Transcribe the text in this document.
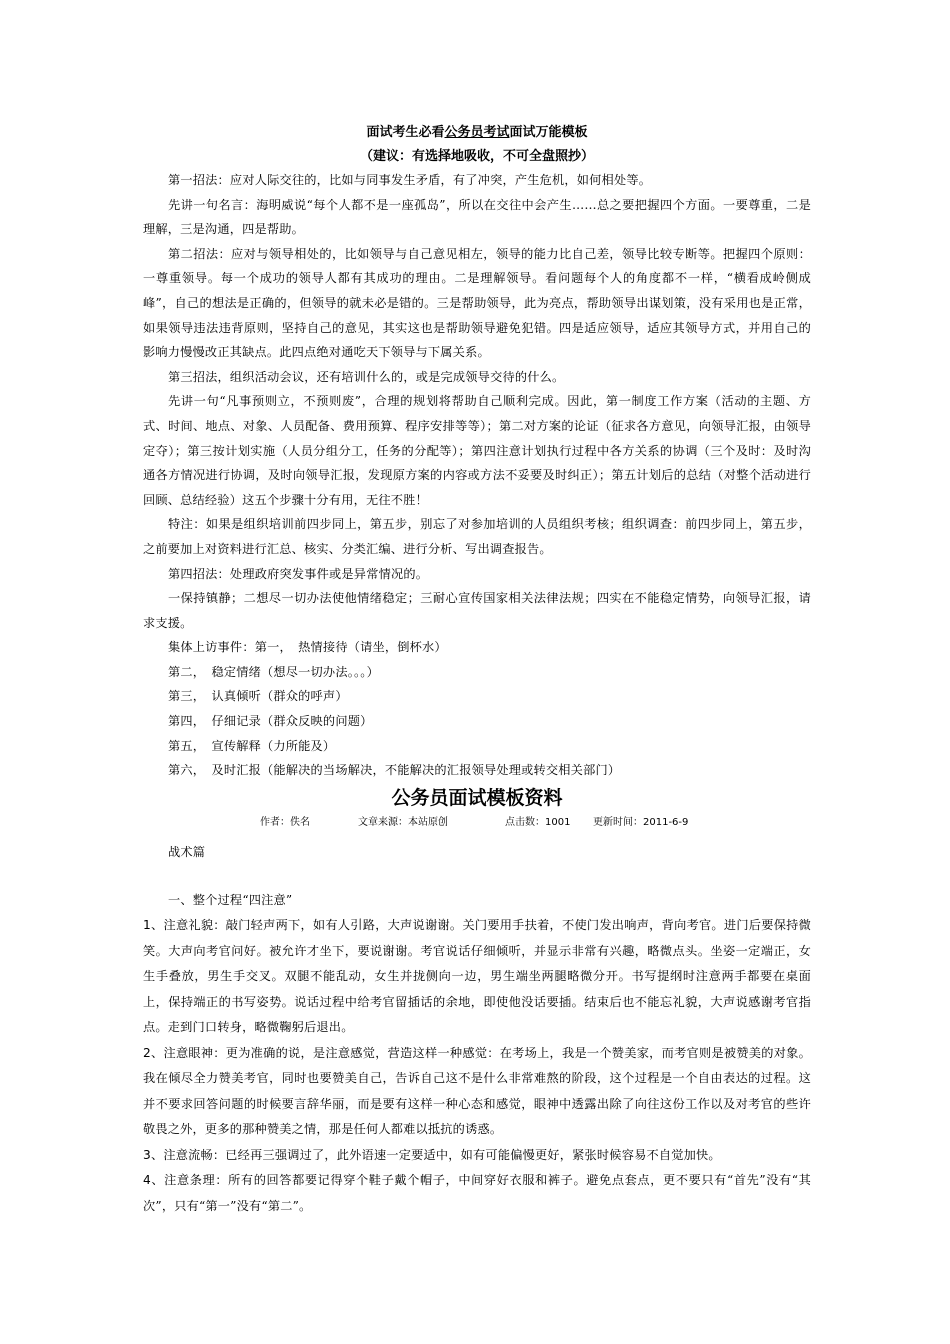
面试考生必看公务员考试面试万能模板
（建议：有选择地吸收，不可全盘照抄）

第一招法：应对人际交往的，比如与同事发生矛盾，有了冲突，产生危机，如何相处等。

先讲一句名言：海明威说“每个人都不是一座孤岛”，所以在交往中会产生……总之要把握四个方面。一要尊重，二是理解，三是沟通，四是帮助。

第二招法：应对与领导相处的，比如领导与自己意见相左，领导的能力比自己差，领导比较专断等。把握四个原则：一尊重领导。每一个成功的领导人都有其成功的理由。二是理解领导。看问题每个人的角度都不一样，“横看成岭侧成峰”，自己的想法是正确的，但领导的就未必是错的。三是帮助领导，此为亮点，帮助领导出谋划策，没有采用也是正常，如果领导违法违背原则，坚持自己的意见，其实这也是帮助领导避免犯错。四是适应领导，适应其领导方式，并用自己的影响力慢慢改正其缺点。此四点绝对通吃天下领导与下属关系。

第三招法，组织活动会议，还有培训什么的，或是完成领导交待的什么。

先讲一句“凡事预则立，不预则废”，合理的规划将帮助自己顺利完成。因此，第一制度工作方案（活动的主题、方式、时间、地点、对象、人员配备、费用预算、程序安排等等）；第二对方案的论证（征求各方意见，向领导汇报，由领导定夺）；第三按计划实施（人员分组分工，任务的分配等）；第四注意计划执行过程中各方关系的协调（三个及时：及时沟通各方情况进行协调，及时向领导汇报，发现原方案的内容或方法不妥要及时纠正）；第五计划后的总结（对整个活动进行回顾、总结经验）这五个步骤十分有用，无往不胜！

特注：如果是组织培训前四步同上，第五步，别忘了对参加培训的人员组织考核；组织调查：前四步同上，第五步，之前要加上对资料进行汇总、核实、分类汇编、进行分析、写出调查报告。

第四招法：处理政府突发事件或是异常情况的。

一保持镇静；二想尽一切办法使他情绪稳定；三耐心宣传国家相关法律法规；四实在不能稳定情势，向领导汇报，请求支援。

集体上访事件：第一，　热情接待（请坐，倒杯水）

第二，　稳定情绪（想尽一切办法。。。）

第三，　认真倾听（群众的呼声）

第四，　仔细记录（群众反映的问题）

第五，　宣传解释（力所能及）

第六，　及时汇报（能解决的当场解决，不能解决的汇报领导处理或转交相关部门）

公务员面试模板资料
作者：佚名	文章来源：本站原创	点击数：1001 更新时间：2011-6-9

战术篇

一、整个过程“四注意”

1、注意礼貌：敲门轻声两下，如有人引路，大声说谢谢。关门要用手扶着，不使门发出响声，背向考官。进门后要保持微笑。大声向考官问好。被允许才坐下，要说谢谢。考官说话仔细倾听，并显示非常有兴趣，略微点头。坐姿一定端正，女生手叠放，男生手交叉。双腿不能乱动，女生并拢侧向一边，男生端坐两腿略微分开。书写提纲时注意两手都要在桌面上，保持端正的书写姿势。说话过程中给考官留插话的余地，即使他没话要插。结束后也不能忘礼貌，大声说感谢考官指点。走到门口转身，略微鞠躬后退出。

2、注意眼神：更为准确的说，是注意感觉，营造这样一种感觉：在考场上，我是一个赞美家，而考官则是被赞美的对象。我在倾尽全力赞美考官，同时也要赞美自己，告诉自己这不是什么非常难熬的阶段，这个过程是一个自由表达的过程。这并不要求回答问题的时候要言辞华丽，而是要有这样一种心态和感觉，眼神中透露出除了向往这份工作以及对考官的些许敬畏之外，更多的那种赞美之情，那是任何人都难以抵抗的诱惑。

3、注意流畅：已经再三强调过了，此外语速一定要适中，如有可能偏慢更好，紧张时候容易不自觉加快。

4、注意条理：所有的回答都要记得穿个鞋子戴个帽子，中间穿好衣服和裤子。避免点套点，更不要只有“首先”没有“其次”，只有“第一”没有“第二”。
